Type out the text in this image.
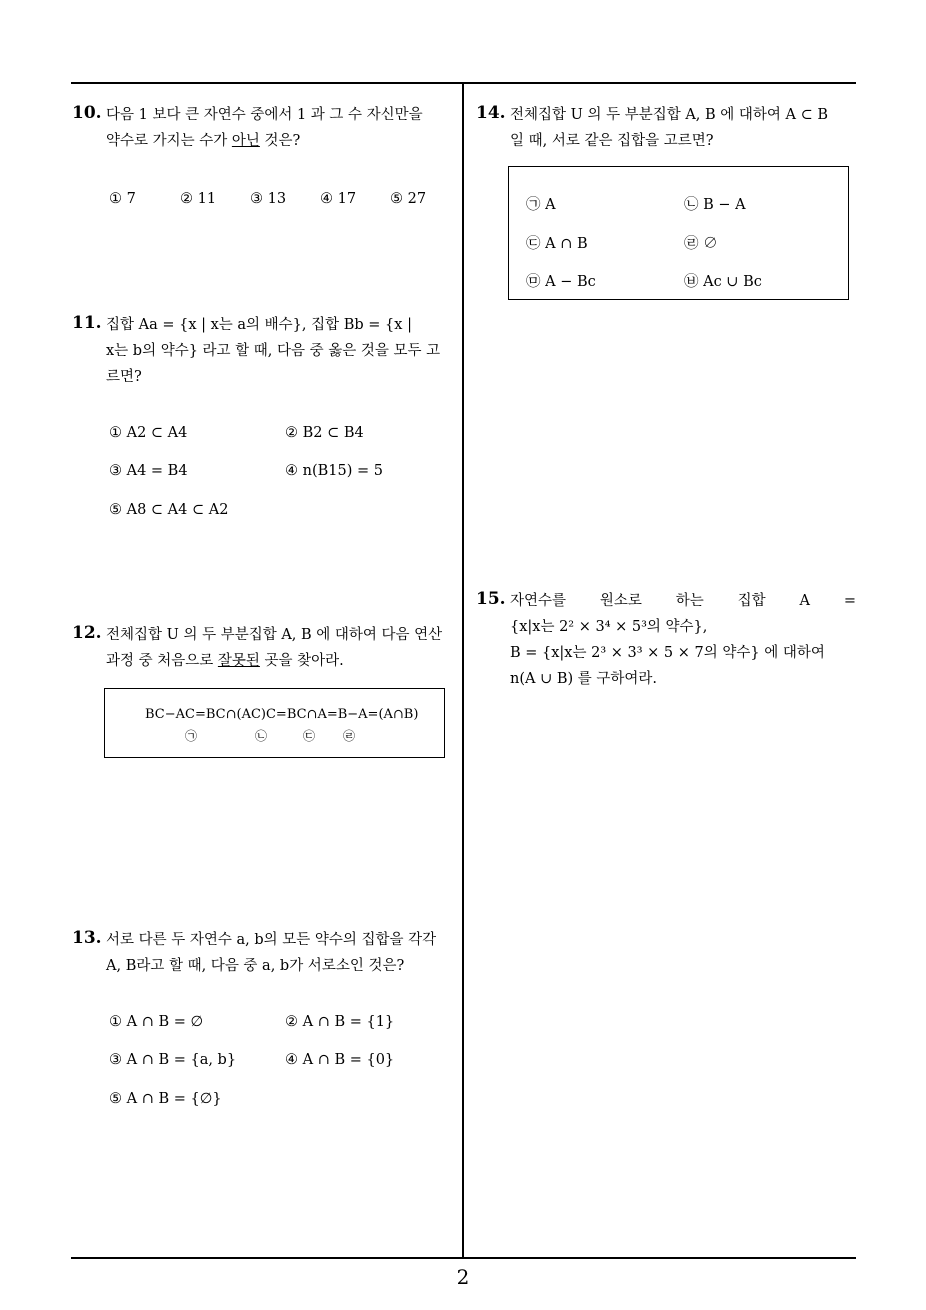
10. 다음 1 보다 큰 자연수 중에서 1 과 그 수 자신만을
약수로 가지는 수가 아닌 것은?
① 7	② 11 ③ 13 ④ 17 ⑤ 27
11. 집합 Aa = {x | x는 a의 배수}, 집합 Bb = {x |
x는 b의 약수} 라고 할 때, 다음 중 옳은 것을 모두 고
르면?
① A2 ⊂ A4	② B2 ⊂ B4
③ A4 = B4	④ n(B15) = 5
⑤ A8 ⊂ A4 ⊂ A2
12. 전체집합 U 의 두 부분집합 A, B 에 대하여 다음 연산
과정 중 처음으로 잘못된 곳을 찾아라.
BC−AC=BC∩(AC)C=BC∩A=B−A=(A∩B)
㉠	㉡	㉢ ㉣
13. 서로 다른 두 자연수 a, b의 모든 약수의 집합을 각각
A, B라고 할 때, 다음 중 a, b가 서로소인 것은?
① A ∩ B = ∅	② A ∩ B = {1}
③ A ∩ B = {a, b}	④ A ∩ B = {0}
⑤ A ∩ B = {∅}
14. 전체집합 U 의 두 부분집합 A, B 에 대하여 A ⊂ B
일 때, 서로 같은 집합을 고르면?
㉠ A	㉡ B − A
㉢ A ∩ B	㉣ ∅
㉤ A − Bc	㉥ Ac ∪ Bc
15. 자연수를 원소로 하는 집합 A =
{x|x는 2² × 3⁴ × 5³의 약수},
B = {x|x는 2³ × 3³ × 5 × 7의 약수} 에 대하여
n(A ∪ B) 를 구하여라.
2
